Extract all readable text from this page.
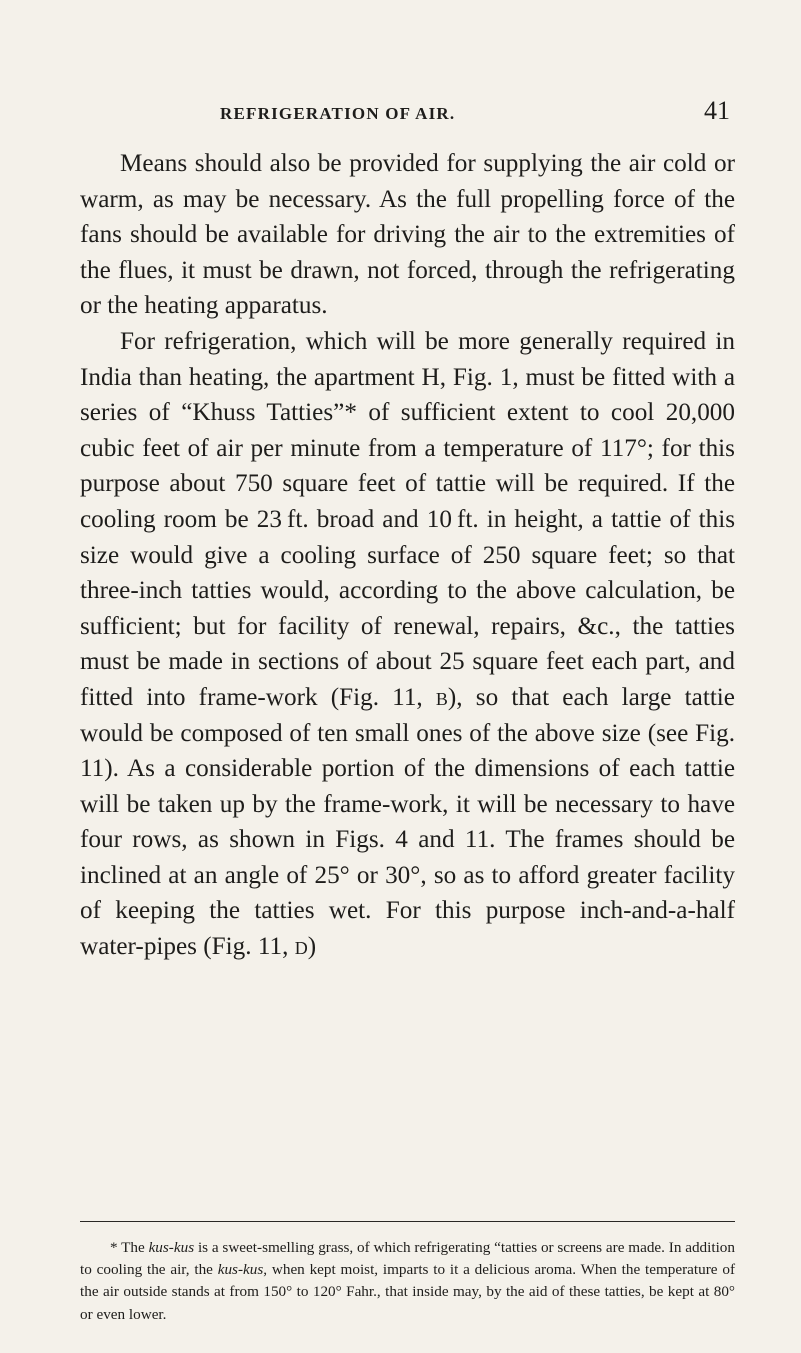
REFRIGERATION OF AIR.	41

Means should also be provided for supplying the air cold or warm, as may be necessary. As the full propelling force of the fans should be available for driving the air to the extremities of the flues, it must be drawn, not forced, through the refrigerating or the heating apparatus.

For refrigeration, which will be more generally required in India than heating, the apartment H, Fig. 1, must be fitted with a series of “Khuss Tatties”* of sufficient extent to cool 20,000 cubic feet of air per minute from a temperature of 117°; for this purpose about 750 square feet of tattie will be required. If the cooling room be 23 ft. broad and 10 ft. in height, a tattie of this size would give a cooling surface of 250 square feet; so that three-inch tatties would, according to the above calculation, be sufficient; but for facility of renewal, repairs, &c., the tatties must be made in sections of about 25 square feet each part, and fitted into frame-work (Fig. 11, b), so that each large tattie would be composed of ten small ones of the above size (see Fig. 11). As a considerable portion of the dimensions of each tattie will be taken up by the frame-work, it will be necessary to have four rows, as shown in Figs. 4 and 11. The frames should be inclined at an angle of 25° or 30°, so as to afford greater facility of keeping the tatties wet. For this purpose inch-and-a-half water-pipes (Fig. 11, d)

* The kus-kus is a sweet-smelling grass, of which refrigerating “tatties or screens are made. In addition to cooling the air, the kus-kus, when kept moist, imparts to it a delicious aroma. When the temperature of the air outside stands at from 150° to 120° Fahr., that inside may, by the aid of these tatties, be kept at 80° or even lower.
